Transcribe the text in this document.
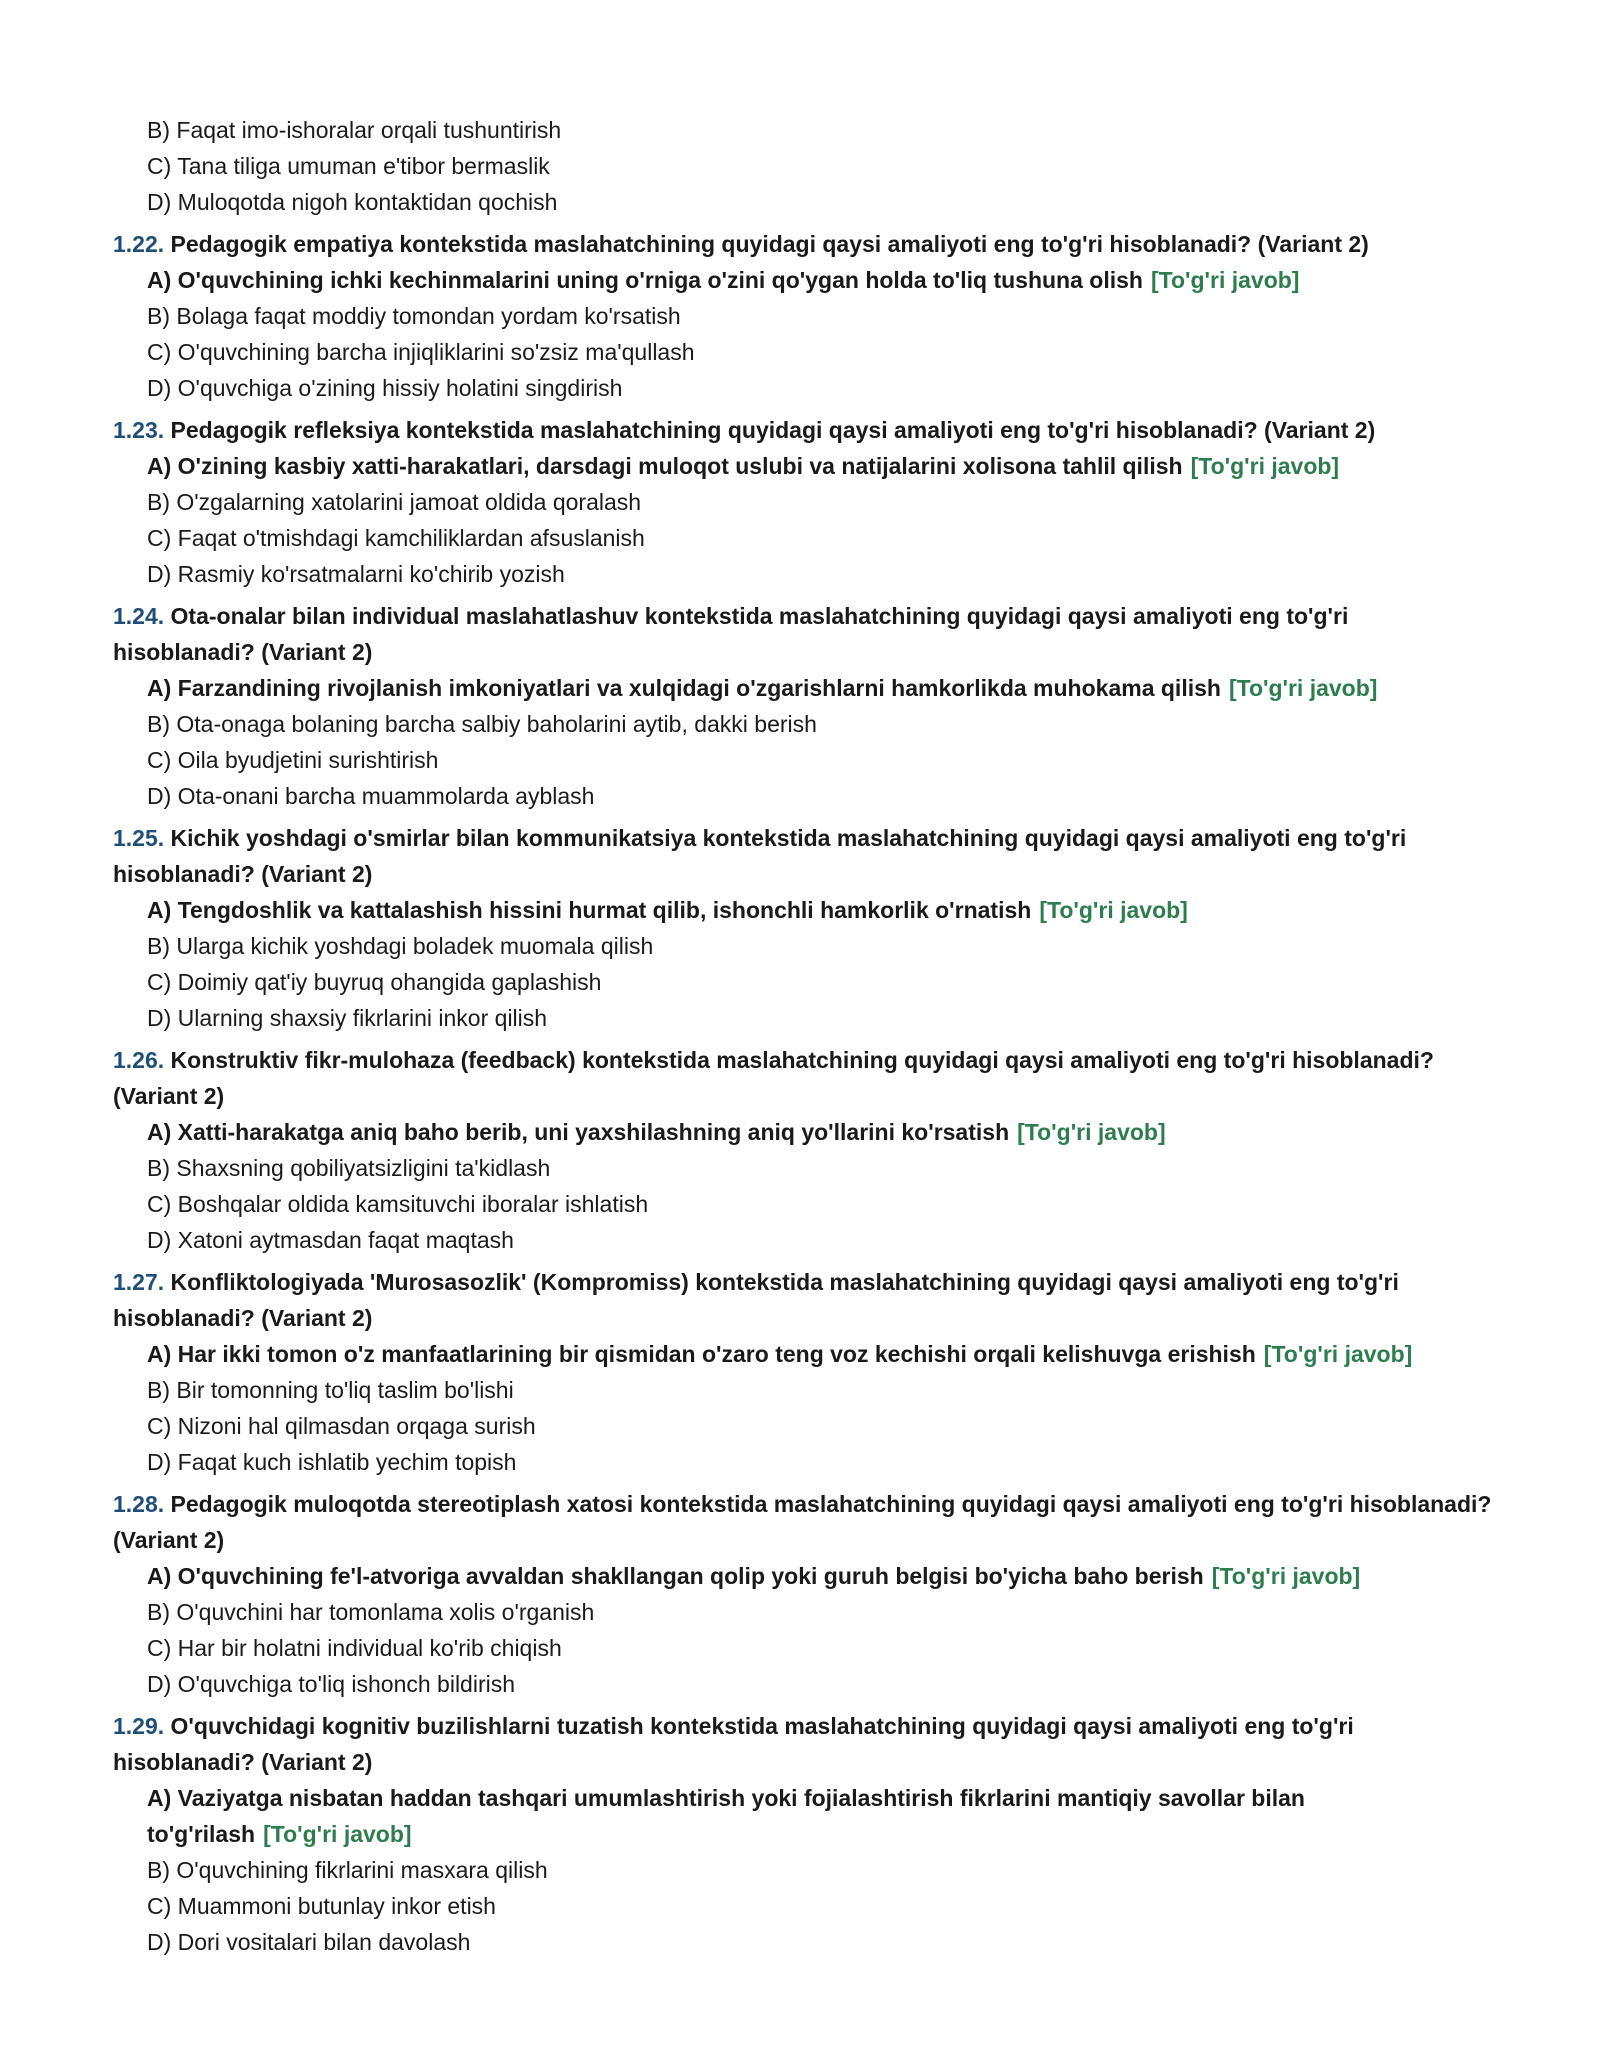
B) Faqat imo-ishoralar orqali tushuntirish
C) Tana tiliga umuman e'tibor bermaslik
D) Muloqotda nigoh kontaktidan qochish
1.22. Pedagogik empatiya kontekstida maslahatchining quyidagi qaysi amaliyoti eng to'g'ri hisoblanadi? (Variant 2)
A) O'quvchining ichki kechinmalarini uning o'rniga o'zini qo'ygan holda to'liq tushuna olish [To'g'ri javob]
B) Bolaga faqat moddiy tomondan yordam ko'rsatish
C) O'quvchining barcha injiqliklarini so'zsiz ma'qullash
D) O'quvchiga o'zining hissiy holatini singdirish
1.23. Pedagogik refleksiya kontekstida maslahatchining quyidagi qaysi amaliyoti eng to'g'ri hisoblanadi? (Variant 2)
A) O'zining kasbiy xatti-harakatlari, darsdagi muloqot uslubi va natijalarini xolisona tahlil qilish [To'g'ri javob]
B) O'zgalarning xatolarini jamoat oldida qoralash
C) Faqat o'tmishdagi kamchiliklardan afsuslanish
D) Rasmiy ko'rsatmalarni ko'chirib yozish
1.24. Ota-onalar bilan individual maslahatlashuv kontekstida maslahatchining quyidagi qaysi amaliyoti eng to'g'ri hisoblanadi? (Variant 2)
A) Farzandining rivojlanish imkoniyatlari va xulqidagi o'zgarishlarni hamkorlikda muhokama qilish [To'g'ri javob]
B) Ota-onaga bolaning barcha salbiy baholarini aytib, dakki berish
C) Oila byudjetini surishtirish
D) Ota-onani barcha muammolarda ayblash
1.25. Kichik yoshdagi o'smirlar bilan kommunikatsiya kontekstida maslahatchining quyidagi qaysi amaliyoti eng to'g'ri hisoblanadi? (Variant 2)
A) Tengdoshlik va kattalashish hissini hurmat qilib, ishonchli hamkorlik o'rnatish [To'g'ri javob]
B) Ularga kichik yoshdagi boladek muomala qilish
C) Doimiy qat'iy buyruq ohangida gaplashish
D) Ularning shaxsiy fikrlarini inkor qilish
1.26. Konstruktiv fikr-mulohaza (feedback) kontekstida maslahatchining quyidagi qaysi amaliyoti eng to'g'ri hisoblanadi? (Variant 2)
A) Xatti-harakatga aniq baho berib, uni yaxshilashning aniq yo'llarini ko'rsatish [To'g'ri javob]
B) Shaxsning qobiliyatsizligini ta'kidlash
C) Boshqalar oldida kamsituvchi iboralar ishlatish
D) Xatoni aytmasdan faqat maqtash
1.27. Konfliktologiyada 'Murosasozlik' (Kompromiss) kontekstida maslahatchining quyidagi qaysi amaliyoti eng to'g'ri hisoblanadi? (Variant 2)
A) Har ikki tomon o'z manfaatlarining bir qismidan o'zaro teng voz kechishi orqali kelishuvga erishish [To'g'ri javob]
B) Bir tomonning to'liq taslim bo'lishi
C) Nizoni hal qilmasdan orqaga surish
D) Faqat kuch ishlatib yechim topish
1.28. Pedagogik muloqotda stereotiplash xatosi kontekstida maslahatchining quyidagi qaysi amaliyoti eng to'g'ri hisoblanadi? (Variant 2)
A) O'quvchining fe'l-atvoriga avvaldan shakllangan qolip yoki guruh belgisi bo'yicha baho berish [To'g'ri javob]
B) O'quvchini har tomonlama xolis o'rganish
C) Har bir holatni individual ko'rib chiqish
D) O'quvchiga to'liq ishonch bildirish
1.29. O'quvchidagi kognitiv buzilishlarni tuzatish kontekstida maslahatchining quyidagi qaysi amaliyoti eng to'g'ri hisoblanadi? (Variant 2)
A) Vaziyatga nisbatan haddan tashqari umumlashtirish yoki fojialashtirish fikrlarini mantiqiy savollar bilan to'g'rilash [To'g'ri javob]
B) O'quvchining fikrlarini masxara qilish
C) Muammoni butunlay inkor etish
D) Dori vositalari bilan davolash
